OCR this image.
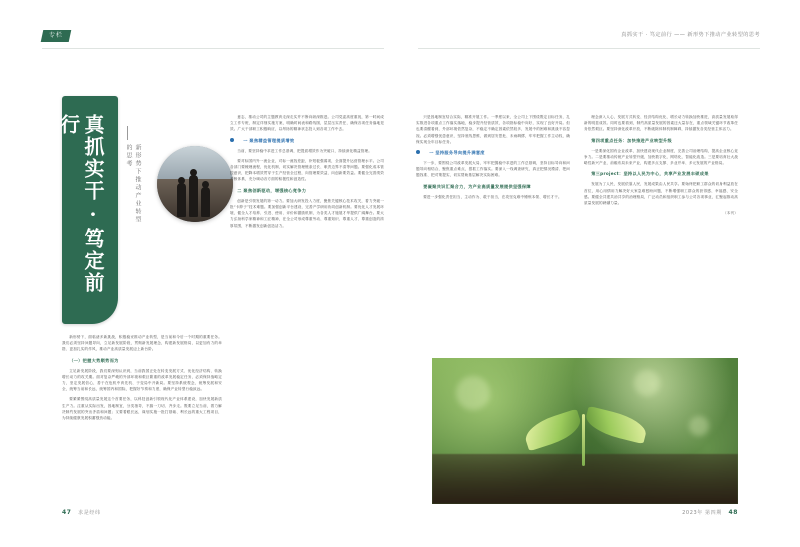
专栏
真抓实干·笃定前行
新形势下推动产业转型的思考

新形势下，面临诸多新挑战，积极稳妥推动产业转型，是当前和今后一个时期的重要任务。我们必须坚持问题导向，立足新发展阶段，贯彻新发展理念，构建新发展格局，以更加有力的举措、更加扎实的作风，推动产业高质量发展迈上新台阶。

（一）把握大势顺势而为

立足新发展阶段，我们要深刻认识到，当前我国正处在转变发展方式、优化经济结构、转换增长动力的攻关期。面对复杂严峻的外部环境和艰巨繁重的改革发展稳定任务，必须保持战略定力，坚定发展信心，善于在危机中育先机、于变局中开新局。要坚持系统观念，统筹发展和安全，统筹当前和长远，统筹国内和国际，把握好节奏和力度，确保产业转型行稳致远。

要紧紧围绕高质量发展这个首要任务，以科技创新引领现代化产业体系建设，加快发展新质生产力。注重从实际出发，因地制宜，分类指导，不搞一刀切、齐步走。既要立足当前，着力解决制约发展的突出矛盾和问题；又要着眼长远，谋划实施一批打基础、利长远的重大工程项目，为持续健康发展积蓄强劲动能。

意志，推动公司的主题教育走深走实并不断向纵深推进。公司党委高度重视，第一时间成立工作专班，制定详细实施方案，明确时间表和路线图，层层压实责任，确保各项任务落地见效。广大干部职工积极响应，以昂扬的精神状态投入到各项工作中去。

一 聚焦精益管理提质增效

当前，要坚持稳中求进工作总基调，把提质增效作为突破口，持续深化精益管理。

要对标国内外一流企业，对标一流找差距，补短板强弱项，全面提升运营管理水平。公司各部门要梳理流程，优化机制，切实解决管理链条过长、职责边界不清等问题。要强化成本管控意识，把降本增效贯穿于生产经营全过程，向管理要效益、向创新要效益。要健全完善绩效考核体系，充分调动各方面的积极性和创造性。

二 聚焦创新驱动，增强核心竞争力

创新是引领发展的第一动力。要加大研发投入力度，聚焦关键核心技术攻关，着力突破一批“卡脖子”技术难题。要加强创新平台建设，完善产学研用协同创新机制。要优化人才发展环境，健全人才培养、引进、使用、评价和激励机制，为各类人才施展才华提供广阔舞台。要大力弘扬科学家精神和工匠精神，在全公司形成尊重劳动、尊重知识、尊重人才、尊重创造的浓厚氛围，不断激发创新创造活力。

47 求是经纬
真抓实干 · 笃定前行 —— 新形势下推动产业转型的思考

只是因地制宜结合实际，精准开展工作。一季度以来，全公司上下围绕既定目标任务，扎实推进各项重点工作落实落地，稳步提升经营质效，各项指标稳中向好，实现了良好开局。但也要清醒看到，外部环境依然复杂，不稳定不确定因素依然较多，发展中的困难和挑战不容忽视。必须增强忧患意识，坚持底线思维，做到居安思危、未雨绸缪，牢牢把握工作主动权，确保实现全年目标任务。

一 坚持服务导向提升满意度

下一步，要围绕公司改革发展大局，牢牢把握稳中求进的工作总基调，坚持目标导向和问题导向相结合，聚焦重点难点，狠抓工作落实。要深入一线调查研究，真正把情况摸清、把问题找准、把对策提实，切实帮助基层解决实际困难。

要凝聚共识汇聚合力，为产业高质量发展提供坚强保障

要进一步强化责任担当，主动作为、敢于担当，在攻坚克难中锤炼本领、增长才干。

理念深入人心，发展方式转变、经济结构优化、增长动力转换加快推进，高质量发展取得新的明显成效。同时也要看到，制约高质量发展的因素还大量存在，重点领域关键环节改革任务依然艰巨。要坚持深化改革开放，不断破除体制机制障碍，持续激发各类经营主体活力。

第四项重点任务：加快推进产业转型升级

一是要深化国有企业改革，加快建设现代企业制度，完善公司治理结构，提高企业核心竞争力。二是要推动传统产业转型升级，加快数字化、网络化、智能化改造。三是要培育壮大战略性新兴产业，前瞻布局未来产业，构建多点支撑、多业并举、多元发展的产业格局。

第三project：坚持以人民为中心，共享产业发展丰硕成果

发展为了人民，发展依靠人民，发展成果由人民共享。要始终把职工群众的切身利益放在首位，用心用情用力解决好大家急难愁盼问题，不断增强职工群众的获得感、幸福感、安全感。要健全共建共治共享的治理格局，广泛动员和组织职工参与公司各项事业，汇聚起推动高质量发展的磅礴力量。

（本刊）

2023年 第四期 48
